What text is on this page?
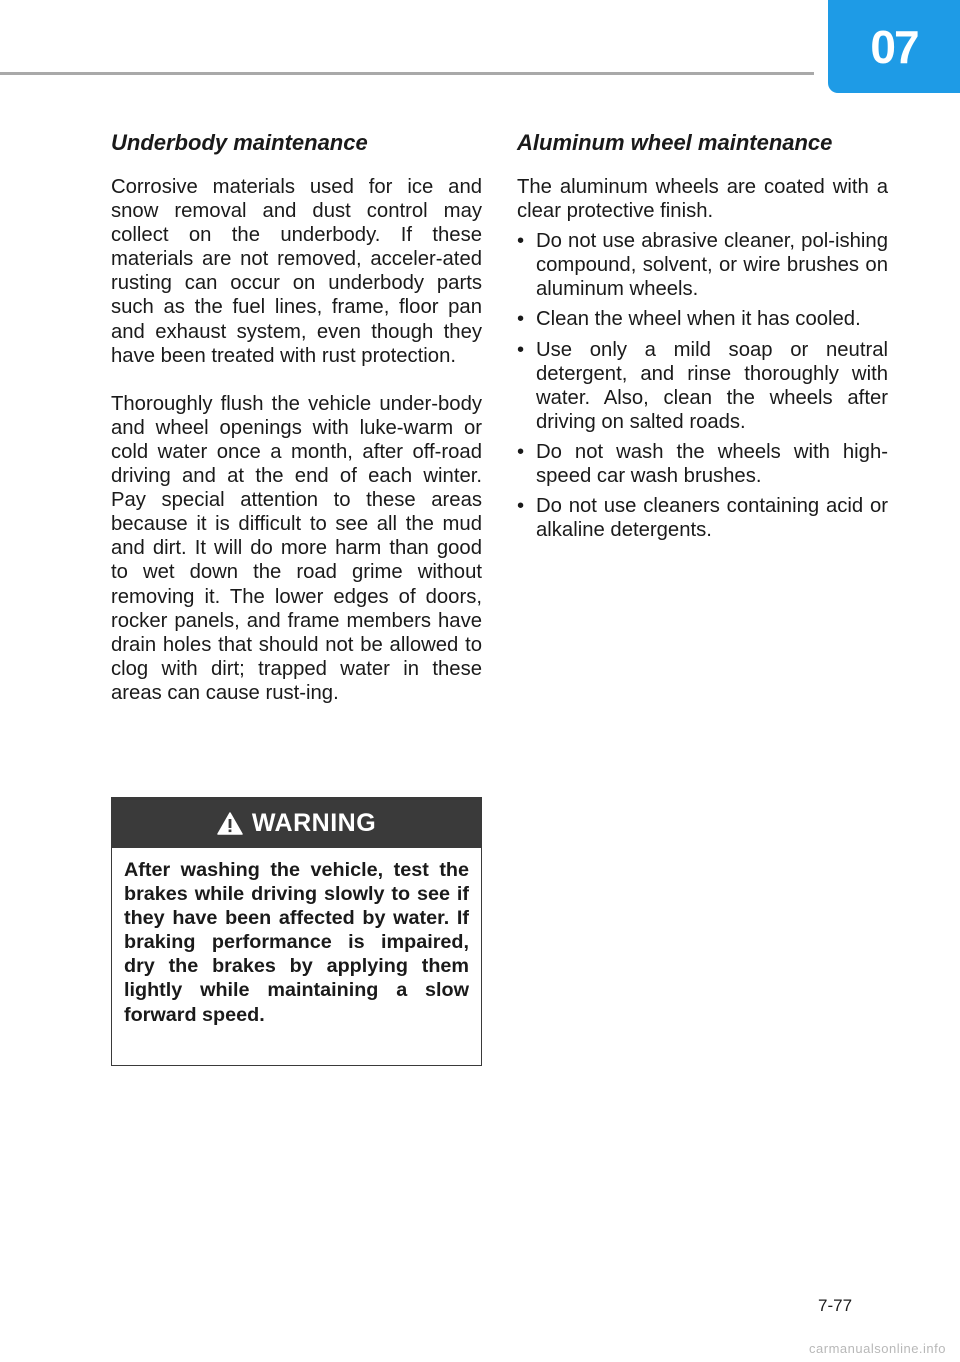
07
Underbody maintenance

Corrosive materials used for ice and snow removal and dust control may collect on the underbody. If these materials are not removed, acceler-ated rusting can occur on underbody parts such as the fuel lines, frame, floor pan and exhaust system, even though they have been treated with rust protection.

Thoroughly flush the vehicle under-body and wheel openings with luke-warm or cold water once a month, after off-road driving and at the end of each winter. Pay special attention to these areas because it is difficult to see all the mud and dirt. It will do more harm than good to wet down the road grime without removing it. The lower edges of doors, rocker panels, and frame members have drain holes that should not be allowed to clog with dirt; trapped water in these areas can cause rust-ing.

WARNING
After washing the vehicle, test the brakes while driving slowly to see if they have been affected by water. If braking performance is impaired, dry the brakes by applying them lightly while maintaining a slow forward speed.
Aluminum wheel maintenance

The aluminum wheels are coated with a clear protective finish.

• Do not use abrasive cleaner, pol-ishing compound, solvent, or wire brushes on aluminum wheels.
• Clean the wheel when it has cooled.
• Use only a mild soap or neutral detergent, and rinse thoroughly with water. Also, clean the wheels after driving on salted roads.
• Do not wash the wheels with high-speed car wash brushes.
• Do not use cleaners containing acid or alkaline detergents.
7-77
carmanualsonline.info
